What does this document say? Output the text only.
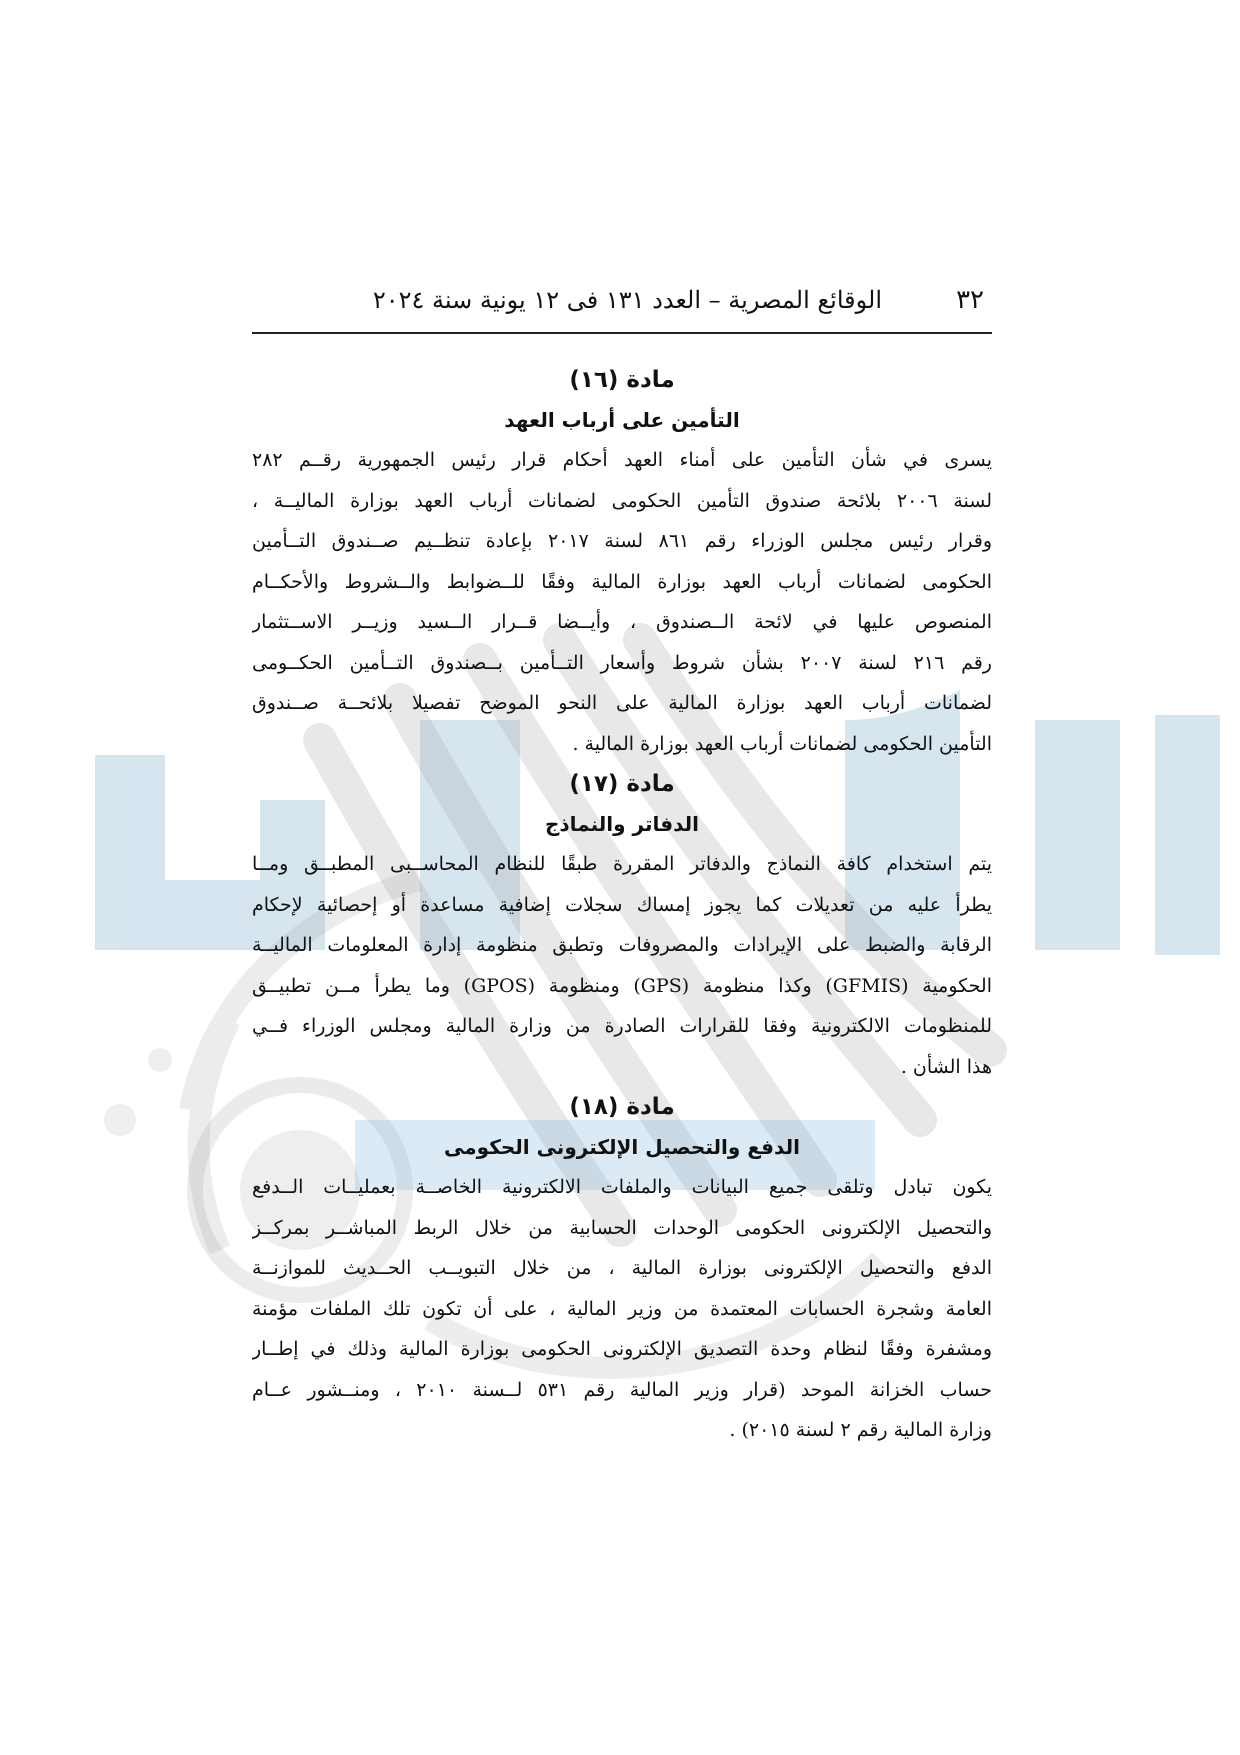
٣٢
الوقائع المصرية – العدد ١٣١ فى ١٢ يونية سنة ٢٠٢٤
مادة (١٦)
التأمين على أرباب العهد
يسرى في شأن التأمين على أمناء العهد أحكام قرار رئيس الجمهورية رقــم ٢٨٢
لسنة ٢٠٠٦ بلائحة صندوق التأمين الحكومى لضمانات أرباب العهد بوزارة الماليــة ،
وقرار رئيس مجلس الوزراء رقم ٨٦١ لسنة ٢٠١٧ بإعادة تنظــيم صــندوق التــأمين
الحكومى لضمانات أرباب العهد بوزارة المالية وفقًا للــضوابط والــشروط والأحكــام
المنصوص عليها في لائحة الــصندوق ، وأيــضا قــرار الــسيد وزيــر الاســتثمار
رقم ٢١٦ لسنة ٢٠٠٧ بشأن شروط وأسعار التــأمين بــصندوق التــأمين الحكــومى
لضمانات أرباب العهد بوزارة المالية على النحو الموضح تفصيلا بلائحــة صــندوق
التأمين الحكومى لضمانات أرباب العهد بوزارة المالية .
مادة (١٧)
الدفاتر والنماذج
يتم استخدام كافة النماذج والدفاتر المقررة طبقًا للنظام المحاســبى المطبــق ومــا
يطرأ عليه من تعديلات كما يجوز إمساك سجلات إضافية مساعدة أو إحصائية لإحكام
الرقابة والضبط على الإيرادات والمصروفات وتطبق منظومة إدارة المعلومات الماليــة
الحكومية (GFMIS) وكذا منظومة (GPS) ومنظومة (GPOS) وما يطرأ مــن تطبيــق
للمنظومات الالكترونية وفقا للقرارات الصادرة من وزارة المالية ومجلس الوزراء فــي
هذا الشأن .
مادة (١٨)
الدفع والتحصيل الإلكترونى الحكومى
يكون تبادل وتلقى جميع البيانات والملفات الالكترونية الخاصــة بعمليــات الــدفع
والتحصيل الإلكترونى الحكومى الوحدات الحسابية من خلال الربط المباشــر بمركــز
الدفع والتحصيل الإلكترونى بوزارة المالية ، من خلال التبويــب الحــديث للموازنــة
العامة وشجرة الحسابات المعتمدة من وزير المالية ، على أن تكون تلك الملفات مؤمنة
ومشفرة وفقًا لنظام وحدة التصديق الإلكترونى الحكومى بوزارة المالية وذلك في إطــار
حساب الخزانة الموحد (قرار وزير المالية رقم ٥٣١ لــسنة ٢٠١٠ ، ومنــشور عــام
وزارة المالية رقم ٢ لسنة ٢٠١٥) .
